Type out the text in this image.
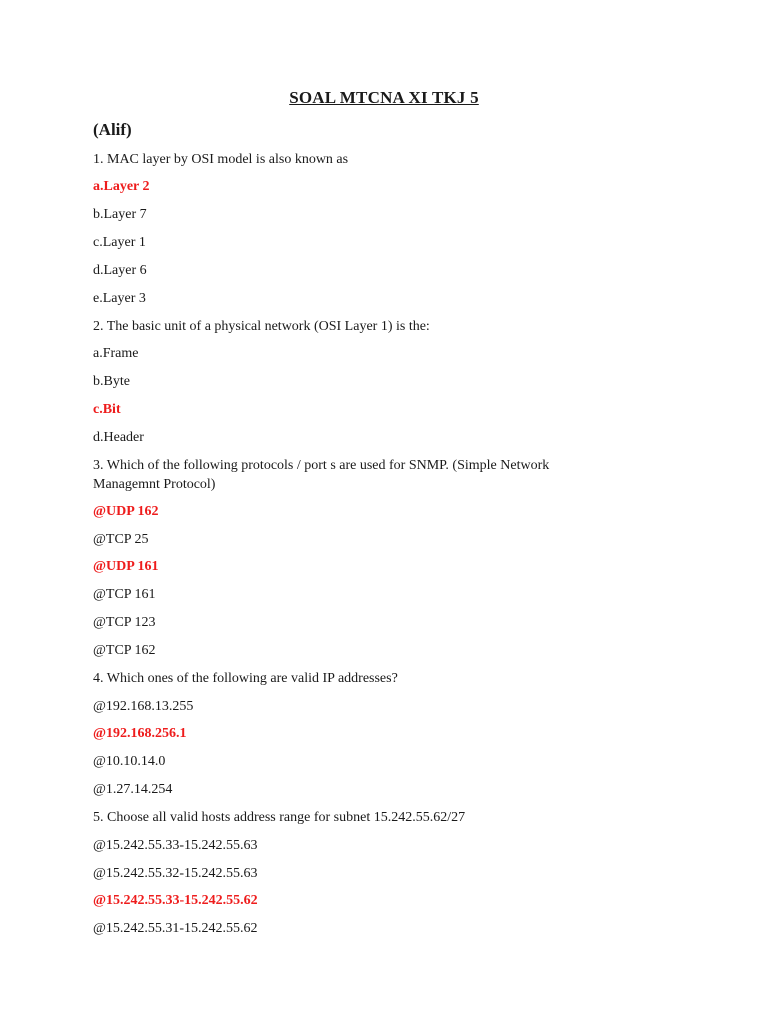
SOAL MTCNA XI TKJ 5
(Alif)
1. MAC layer by OSI model is also known as
a.Layer 2
b.Layer 7
c.Layer 1
d.Layer 6
e.Layer 3
2. The basic unit of a physical network (OSI Layer 1) is the:
a.Frame
b.Byte
c.Bit
d.Header
3. Which of the following protocols / port s are used for SNMP. (Simple Network
Managemnt Protocol)
@UDP 162
@TCP 25
@UDP 161
@TCP 161
@TCP 123
@TCP 162
4. Which ones of the following are valid IP addresses?
@192.168.13.255
@192.168.256.1
@10.10.14.0
@1.27.14.254
5. Choose all valid hosts address range for subnet 15.242.55.62/27
@15.242.55.33-15.242.55.63
@15.242.55.32-15.242.55.63
@15.242.55.33-15.242.55.62
@15.242.55.31-15.242.55.62
